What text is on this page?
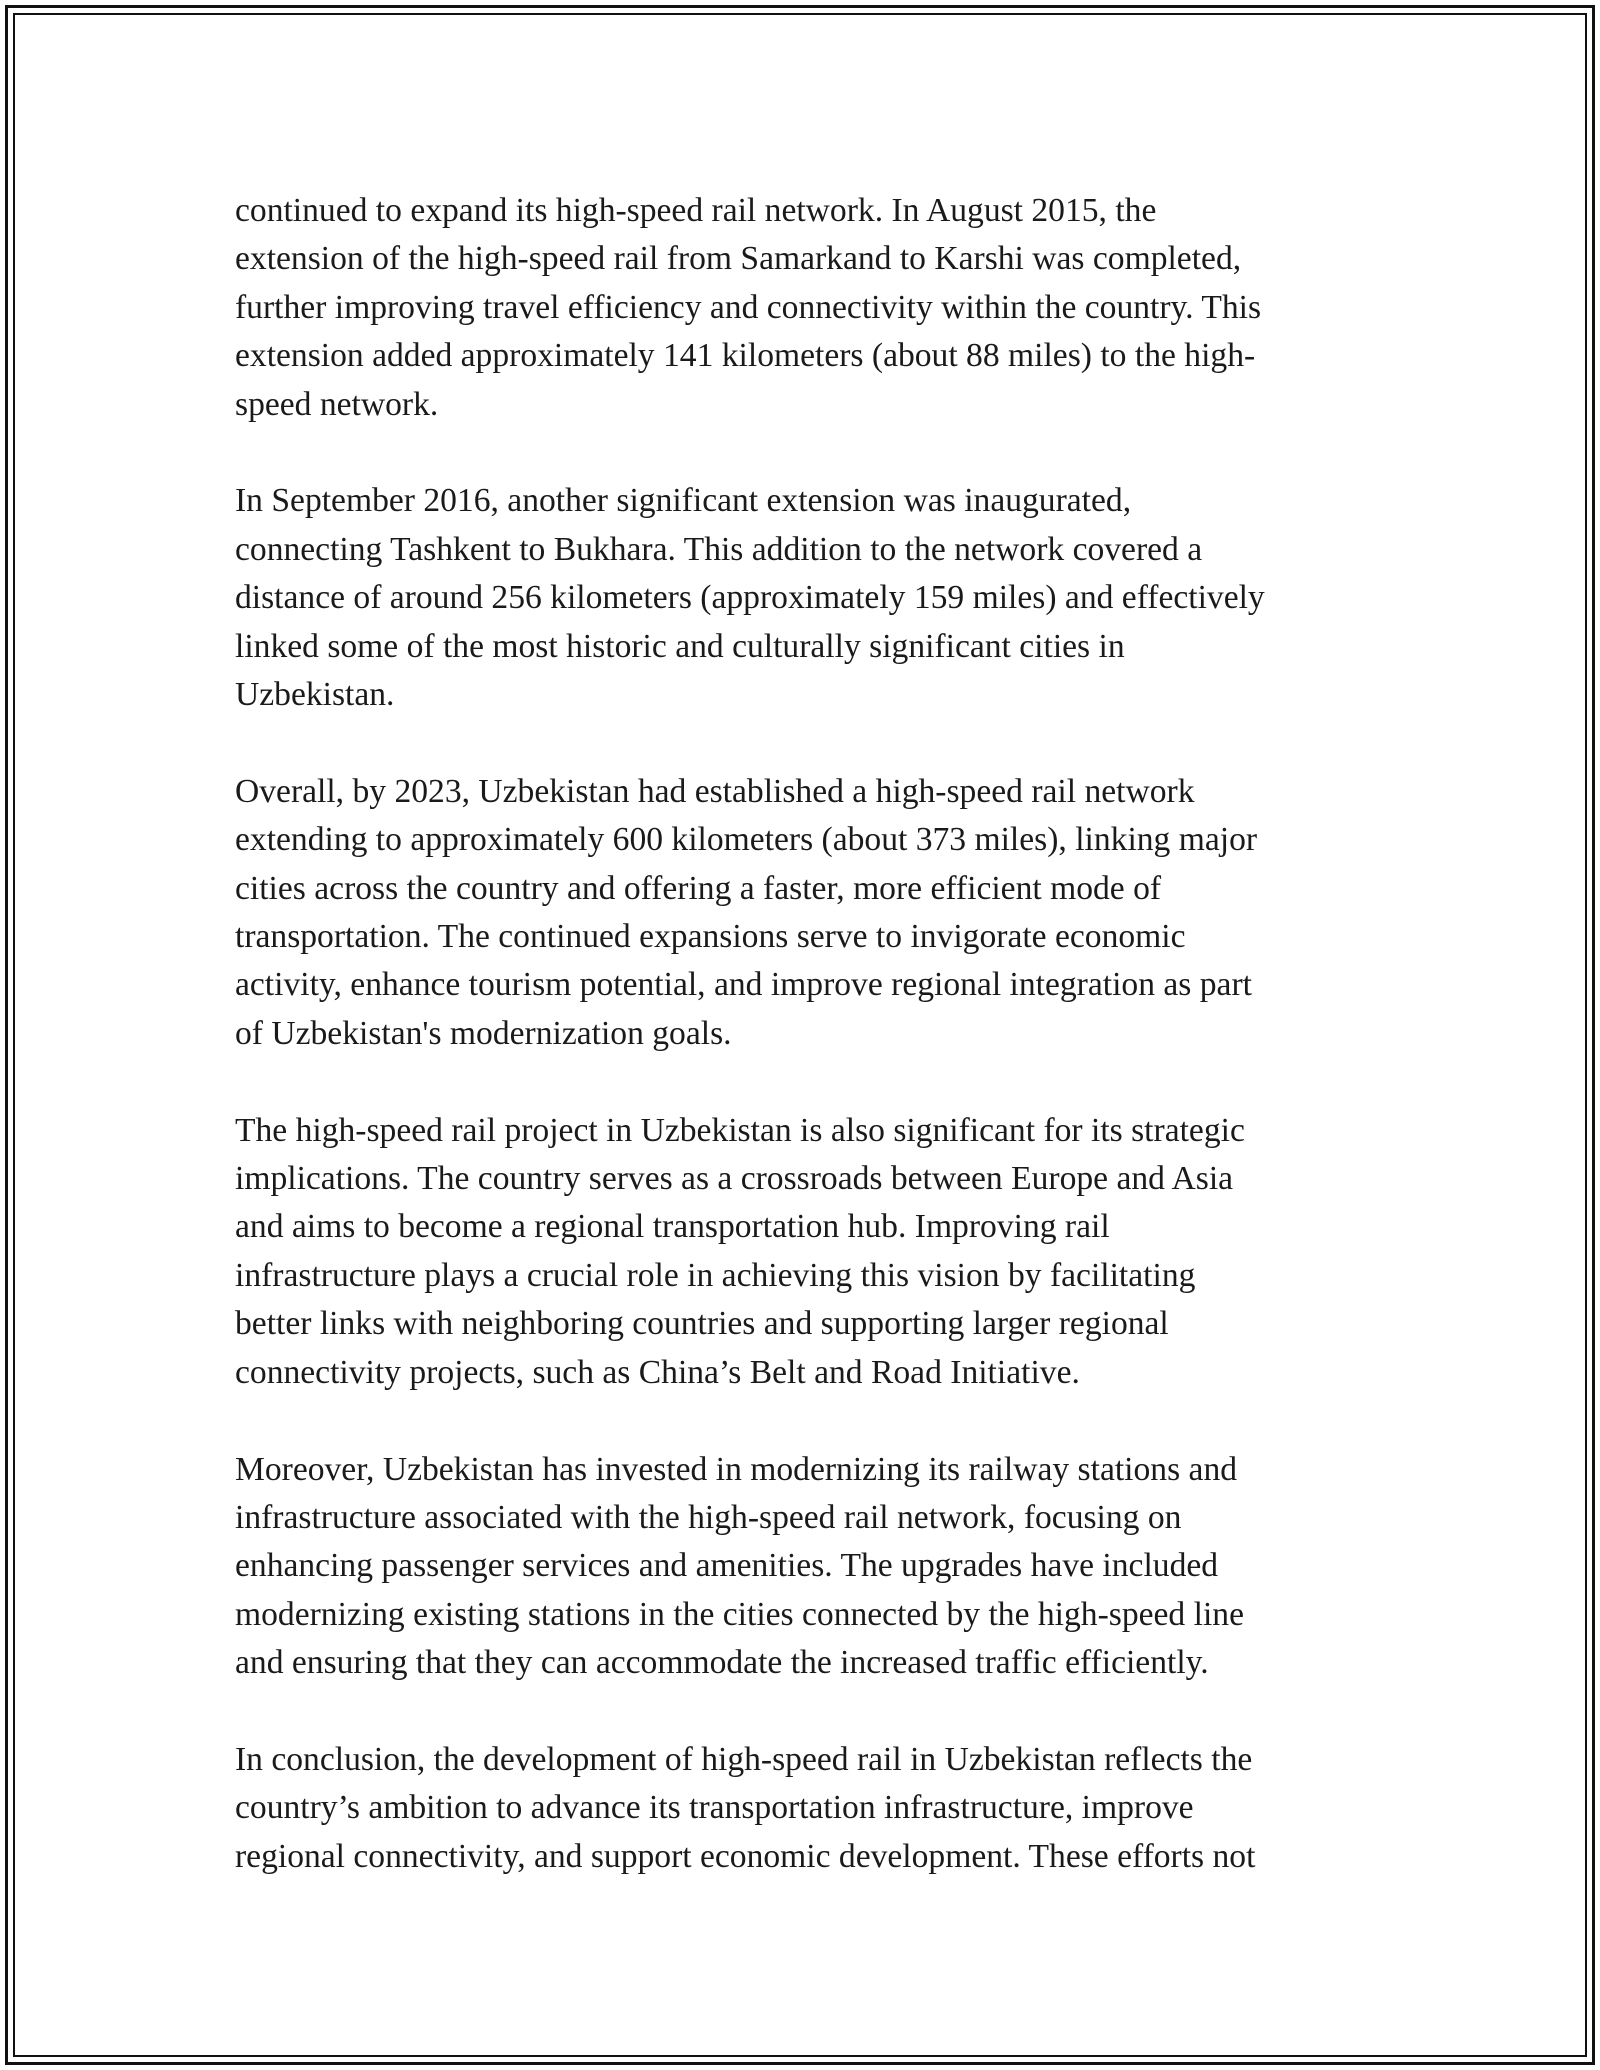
continued to expand its high-speed rail network. In August 2015, the
extension of the high-speed rail from Samarkand to Karshi was completed,
further improving travel efficiency and connectivity within the country. This
extension added approximately 141 kilometers (about 88 miles) to the high-
speed network.

In September 2016, another significant extension was inaugurated,
connecting Tashkent to Bukhara. This addition to the network covered a
distance of around 256 kilometers (approximately 159 miles) and effectively
linked some of the most historic and culturally significant cities in
Uzbekistan.

Overall, by 2023, Uzbekistan had established a high-speed rail network
extending to approximately 600 kilometers (about 373 miles), linking major
cities across the country and offering a faster, more efficient mode of
transportation. The continued expansions serve to invigorate economic
activity, enhance tourism potential, and improve regional integration as part
of Uzbekistan's modernization goals.

The high-speed rail project in Uzbekistan is also significant for its strategic
implications. The country serves as a crossroads between Europe and Asia
and aims to become a regional transportation hub. Improving rail
infrastructure plays a crucial role in achieving this vision by facilitating
better links with neighboring countries and supporting larger regional
connectivity projects, such as China’s Belt and Road Initiative.

Moreover, Uzbekistan has invested in modernizing its railway stations and
infrastructure associated with the high-speed rail network, focusing on
enhancing passenger services and amenities. The upgrades have included
modernizing existing stations in the cities connected by the high-speed line
and ensuring that they can accommodate the increased traffic efficiently.

In conclusion, the development of high-speed rail in Uzbekistan reflects the
country’s ambition to advance its transportation infrastructure, improve
regional connectivity, and support economic development. These efforts not
